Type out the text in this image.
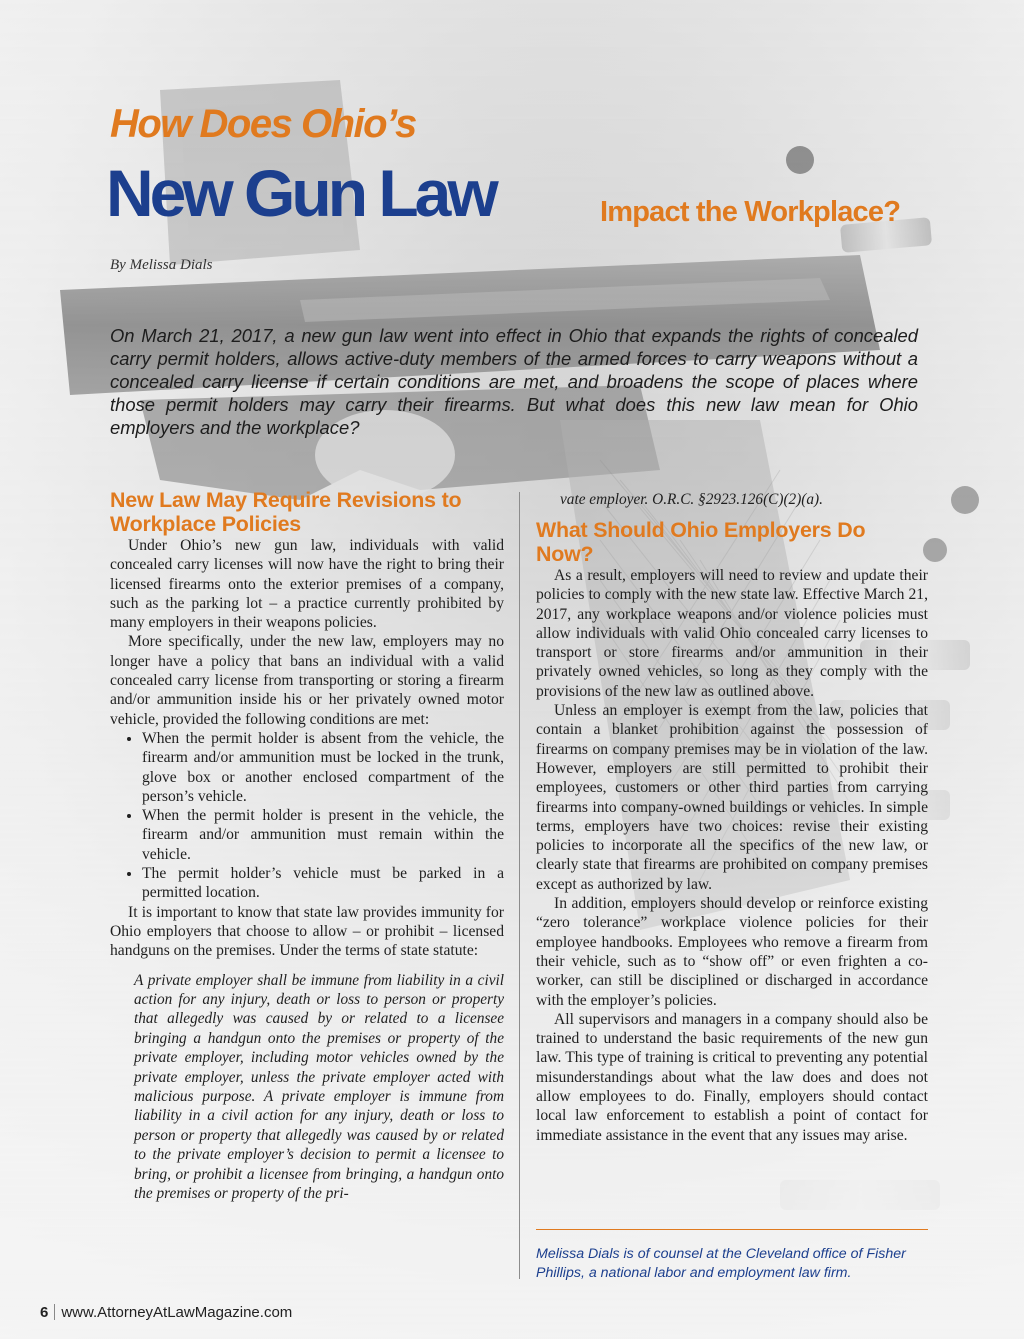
How Does Ohio’s
New Gun Law	Impact the Workplace?
By Melissa Dials

On March 21, 2017, a new gun law went into effect in Ohio that expands the rights of concealed carry permit holders, allows active-duty members of the armed forces to carry weapons without a concealed carry license if certain conditions are met, and broadens the scope of places where those permit holders may carry their firearms. But what does this new law mean for Ohio employers and the workplace?

New Law May Require Revisions to Workplace Policies

Under Ohio’s new gun law, individuals with valid concealed carry licenses will now have the right to bring their licensed firearms onto the exterior premises of a company, such as the parking lot – a practice currently prohibited by many employers in their weapons policies.

More specifically, under the new law, employers may no longer have a policy that bans an individual with a valid concealed carry license from transporting or storing a firearm and/or ammunition inside his or her privately owned motor vehicle, provided the following conditions are met:

• When the permit holder is absent from the vehicle, the firearm and/or ammunition must be locked in the trunk, glove box or another enclosed compartment of the person’s vehicle.
• When the permit holder is present in the vehicle, the firearm and/or ammunition must remain within the vehicle.
• The permit holder’s vehicle must be parked in a permitted location.

It is important to know that state law provides immunity for Ohio employers that choose to allow – or prohibit – licensed handguns on the premises. Under the terms of state statute:

A private employer shall be immune from liability in a civil action for any injury, death or loss to person or property that allegedly was caused by or related to a licensee bringing a handgun onto the premises or property of the private employer, including motor vehicles owned by the private employer, unless the private employer acted with malicious purpose. A private employer is immune from liability in a civil action for any injury, death or loss to person or property that allegedly was caused by or related to the private employer’s decision to permit a licensee to bring, or prohibit a licensee from bringing, a handgun onto the premises or property of the pri-

vate employer. O.R.C. §2923.126(C)(2)(a).

What Should Ohio Employers Do Now?

As a result, employers will need to review and update their policies to comply with the new state law. Effective March 21, 2017, any workplace weapons and/or violence policies must allow individuals with valid Ohio concealed carry licenses to transport or store firearms and/or ammunition in their privately owned vehicles, so long as they comply with the provisions of the new law as outlined above.

Unless an employer is exempt from the law, policies that contain a blanket prohibition against the possession of firearms on company premises may be in violation of the law. However, employers are still permitted to prohibit their employees, customers or other third parties from carrying firearms into company-owned buildings or vehicles. In simple terms, employers have two choices: revise their existing policies to incorporate all the specifics of the new law, or clearly state that firearms are prohibited on company premises except as authorized by law.

In addition, employers should develop or reinforce existing “zero tolerance” workplace violence policies for their employee handbooks. Employees who remove a firearm from their vehicle, such as to “show off” or even frighten a co-worker, can still be disciplined or discharged in accordance with the employer’s policies.

All supervisors and managers in a company should also be trained to understand the basic requirements of the new gun law. This type of training is critical to preventing any potential misunderstandings about what the law does and does not allow employees to do. Finally, employers should contact local law enforcement to establish a point of contact for immediate assistance in the event that any issues may arise.

Melissa Dials is of counsel at the Cleveland office of Fisher Phillips, a national labor and employment law firm.

6 www.AttorneyAtLawMagazine.com
